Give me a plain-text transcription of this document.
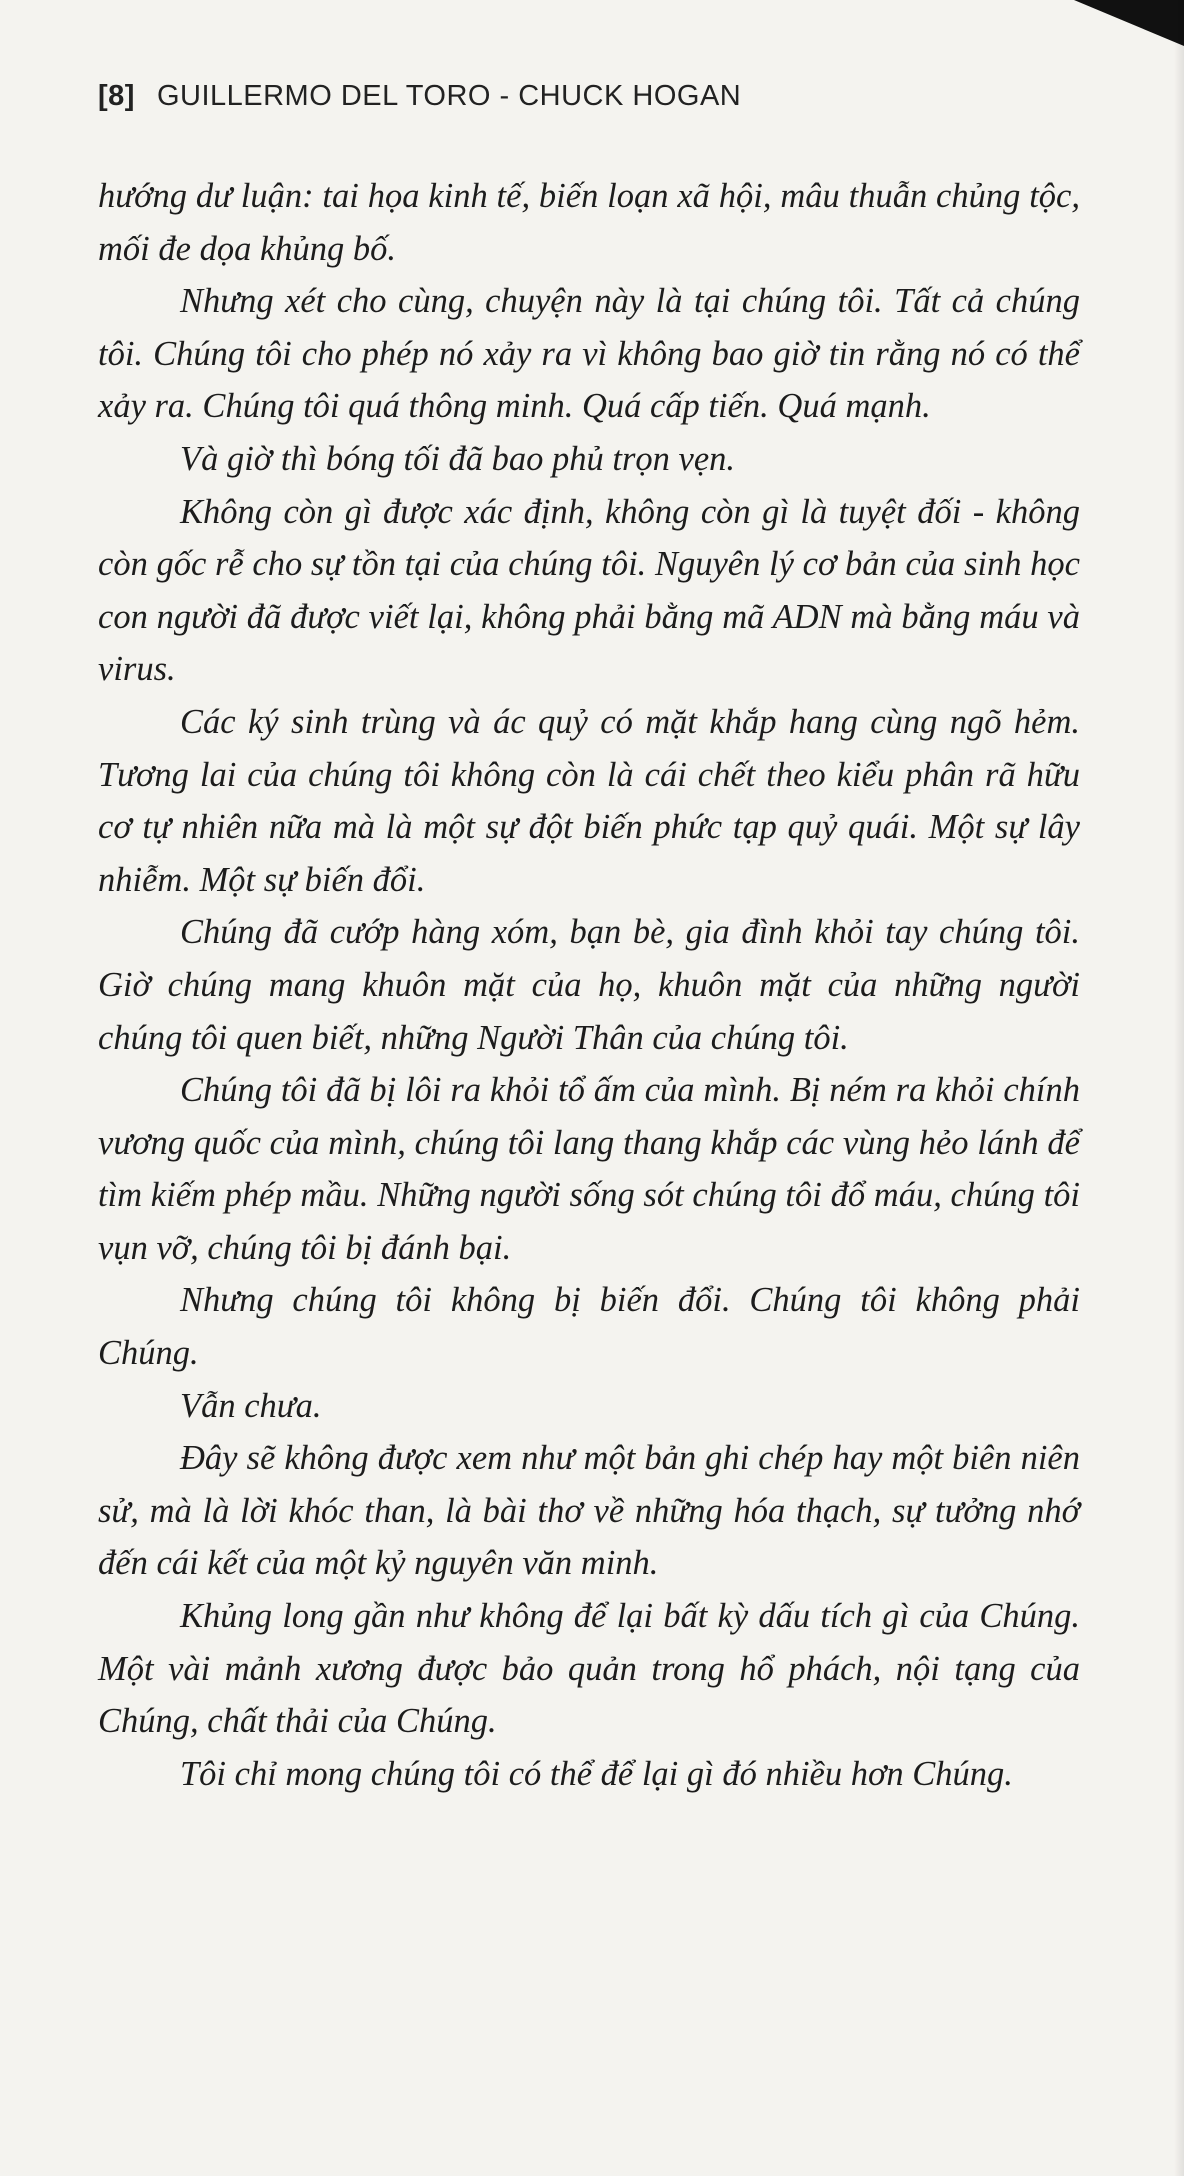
[8] GUILLERMO DEL TORO - CHUCK HOGAN

hướng dư luận: tai họa kinh tế, biến loạn xã hội, mâu thuẫn chủng tộc, mối đe dọa khủng bố.

Nhưng xét cho cùng, chuyện này là tại chúng tôi. Tất cả chúng tôi. Chúng tôi cho phép nó xảy ra vì không bao giờ tin rằng nó có thể xảy ra. Chúng tôi quá thông minh. Quá cấp tiến. Quá mạnh.

Và giờ thì bóng tối đã bao phủ trọn vẹn.

Không còn gì được xác định, không còn gì là tuyệt đối - không còn gốc rễ cho sự tồn tại của chúng tôi. Nguyên lý cơ bản của sinh học con người đã được viết lại, không phải bằng mã ADN mà bằng máu và virus.

Các ký sinh trùng và ác quỷ có mặt khắp hang cùng ngõ hẻm. Tương lai của chúng tôi không còn là cái chết theo kiểu phân rã hữu cơ tự nhiên nữa mà là một sự đột biến phức tạp quỷ quái. Một sự lây nhiễm. Một sự biến đổi.

Chúng đã cướp hàng xóm, bạn bè, gia đình khỏi tay chúng tôi. Giờ chúng mang khuôn mặt của họ, khuôn mặt của những người chúng tôi quen biết, những Người Thân của chúng tôi.

Chúng tôi đã bị lôi ra khỏi tổ ấm của mình. Bị ném ra khỏi chính vương quốc của mình, chúng tôi lang thang khắp các vùng hẻo lánh để tìm kiếm phép mầu. Những người sống sót chúng tôi đổ máu, chúng tôi vụn vỡ, chúng tôi bị đánh bại.

Nhưng chúng tôi không bị biến đổi. Chúng tôi không phải Chúng.

Vẫn chưa.

Đây sẽ không được xem như một bản ghi chép hay một biên niên sử, mà là lời khóc than, là bài thơ về những hóa thạch, sự tưởng nhớ đến cái kết của một kỷ nguyên văn minh.

Khủng long gần như không để lại bất kỳ dấu tích gì của Chúng. Một vài mảnh xương được bảo quản trong hổ phách, nội tạng của Chúng, chất thải của Chúng.

Tôi chỉ mong chúng tôi có thể để lại gì đó nhiều hơn Chúng.
